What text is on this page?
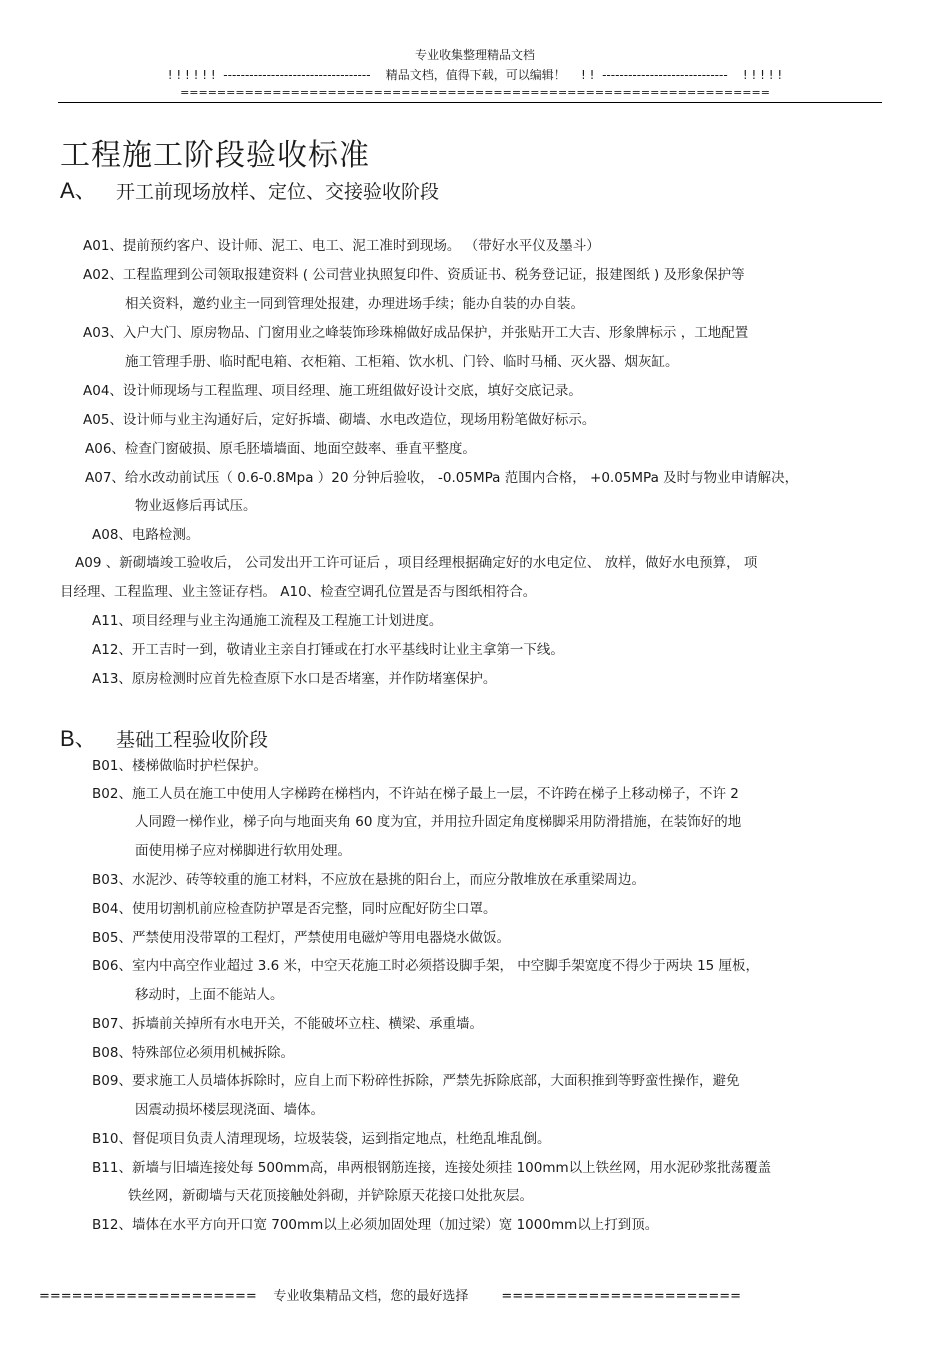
专业收集整理精品文档
! ! ! ! ! !  ----------------------------------    精品文档，值得下载，可以编辑！    ! !  -----------------------------    ! ! ! ! !
================================================================
工程施工阶段验收标准
A、 开工前现场放样、定位、交接验收阶段
A01、提前预约客户、设计师、泥工、电工、泥工准时到现场。 （带好水平仪及墨斗）
A02、工程监理到公司领取报建资料 ( 公司营业执照复印件、资质证书、税务登记证，报建图纸 ) 及形象保护等
相关资料，邀约业主一同到管理处报建，办理进场手续；能办自装的办自装。
A03、入户大门、原房物品、门窗用业之峰装饰珍珠棉做好成品保护，并张贴开工大吉、形象牌标示 ，工地配置
施工管理手册、临时配电箱、衣柜箱、工柜箱、饮水机、门铃、临时马桶、灭火器、烟灰缸。
A04、设计师现场与工程监理、项目经理、施工班组做好设计交底，填好交底记录。
A05、设计师与业主沟通好后，定好拆墙、砌墙、水电改造位，现场用粉笔做好标示。
A06、检查门窗破损、原毛胚墙墙面、地面空鼓率、垂直平整度。
A07、给水改动前试压（ 0.6-0.8Mpa ）20 分钟后验收， -0.05MPa 范围内合格， +0.05MPa 及时与物业申请解决，
物业返修后再试压。
A08、电路检测。
A09 、新砌墙竣工验收后， 公司发出开工许可证后 ，项目经理根据确定好的水电定位、 放样，做好水电预算， 项
目经理、工程监理、业主签证存档。 A10、检查空调孔位置是否与图纸相符合。
A11、项目经理与业主沟通施工流程及工程施工计划进度。
A12、开工吉时一到，敬请业主亲自打锤或在打水平基线时让业主拿第一下线。
A13、原房检测时应首先检查原下水口是否堵塞，并作防堵塞保护。
B、 基础工程验收阶段
B01、楼梯做临时护栏保护。
B02、施工人员在施工中使用人字梯跨在梯档内，不许站在梯子最上一层，不许跨在梯子上移动梯子，不许 2
人同蹬一梯作业，梯子向与地面夹角 60 度为宜，并用拉升固定角度梯脚采用防滑措施，在装饰好的地
面使用梯子应对梯脚进行软用处理。
B03、水泥沙、砖等较重的施工材料，不应放在悬挑的阳台上，而应分散堆放在承重梁周边。
B04、使用切割机前应检查防护罩是否完整，同时应配好防尘口罩。
B05、严禁使用没带罩的工程灯，严禁使用电磁炉等用电器烧水做饭。
B06、室内中高空作业超过 3.6 米，中空天花施工时必须搭设脚手架， 中空脚手架宽度不得少于两块 15 厘板，
移动时，上面不能站人。
B07、拆墙前关掉所有水电开关，不能破坏立柱、横梁、承重墙。
B08、特殊部位必须用机械拆除。
B09、要求施工人员墙体拆除时，应自上而下粉碎性拆除，严禁先拆除底部，大面积推到等野蛮性操作，避免
因震动损坏楼层现浇面、墙体。
B10、督促项目负责人清理现场，垃圾装袋，运到指定地点，杜绝乱堆乱倒。
B11、新墙与旧墙连接处每 500mm高，串两根钢筋连接，连接处须挂 100mm以上铁丝网，用水泥砂浆批荡覆盖
铁丝网，新砌墙与天花顶接触处斜砌，并铲除原天花接口处批灰层。
B12、墙体在水平方向开口宽 700mm以上必须加固处理（加过梁）宽 1000mm以上打到顶。
====================    专业收集精品文档，您的最好选择        ======================
